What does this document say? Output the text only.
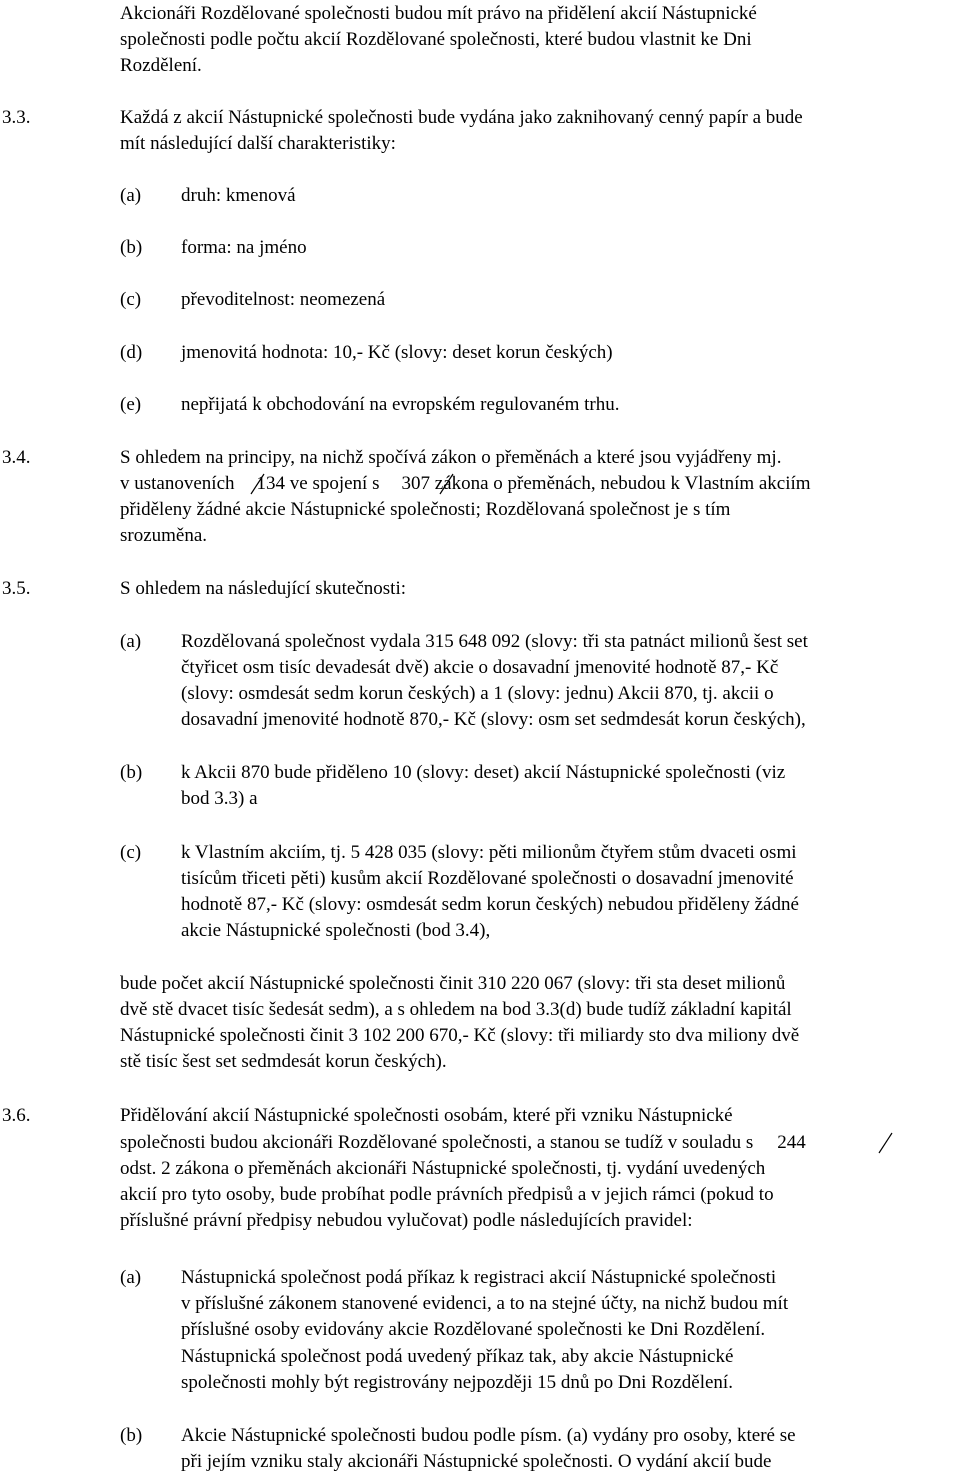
Akcionáři Rozdělované společnosti budou mít právo na přidělení akcií Nástupnické
společnosti podle počtu akcií Rozdělované společnosti, které budou vlastnit ke Dni
Rozdělení.
3.3.	Každá z akcií Nástupnické společnosti bude vydána jako zaknihovaný cenný papír a bude
mít následující další charakteristiky:
(a) druh: kmenová
(b) forma: na jméno
(c) převoditelnost: neomezená
(d) jmenovitá hodnota: 10,- Kč (slovy: deset korun českých)
(e) nepřijatá k obchodování na evropském regulovaném trhu.
3.4.	S ohledem na principy, na nichž spočívá zákon o přeměnách a které jsou vyjádřeny mj.
v ustanoveních 134 ve spojení s 307 zákona o přeměnách, nebudou k Vlastním akciím
přiděleny žádné akcie Nástupnické společnosti; Rozdělovaná společnost je s tím
srozuměna.
3.5.	S ohledem na následující skutečnosti:
(a) Rozdělovaná společnost vydala 315 648 092 (slovy: tři sta patnáct milionů šest set
čtyřicet osm tisíc devadesát dvě) akcie o dosavadní jmenovité hodnotě 87,- Kč
(slovy: osmdesát sedm korun českých) a 1 (slovy: jednu) Akcii 870, tj. akcii o
dosavadní jmenovité hodnotě 870,- Kč (slovy: osm set sedmdesát korun českých),
(b) k Akcii 870 bude přiděleno 10 (slovy: deset) akcií Nástupnické společnosti (viz
bod 3.3) a
(c) k Vlastním akciím, tj. 5 428 035 (slovy: pěti milionům čtyřem stům dvaceti osmi
tisícům třiceti pěti) kusům akcií Rozdělované společnosti o dosavadní jmenovité
hodnotě 87,- Kč (slovy: osmdesát sedm korun českých) nebudou přiděleny žádné
akcie Nástupnické společnosti (bod 3.4),
bude počet akcií Nástupnické společnosti činit 310 220 067 (slovy: tři sta deset milionů
dvě stě dvacet tisíc šedesát sedm), a s ohledem na bod 3.3(d) bude tudíž základní kapitál
Nástupnické společnosti činit 3 102 200 670,- Kč (slovy: tři miliardy sto dva miliony dvě
stě tisíc šest set sedmdesát korun českých).
3.6.	Přidělování akcií Nástupnické společnosti osobám, které při vzniku Nástupnické
společnosti budou akcionáři Rozdělované společnosti, a stanou se tudíž v souladu s 244
odst. 2 zákona o přeměnách akcionáři Nástupnické společnosti, tj. vydání uvedených
akcií pro tyto osoby, bude probíhat podle právních předpisů a v jejich rámci (pokud to
příslušné právní předpisy nebudou vylučovat) podle následujících pravidel:
(a) Nástupnická společnost podá příkaz k registraci akcií Nástupnické společnosti
v příslušné zákonem stanovené evidenci, a to na stejné účty, na nichž budou mít
příslušné osoby evidovány akcie Rozdělované společnosti ke Dni Rozdělení.
Nástupnická společnost podá uvedený příkaz tak, aby akcie Nástupnické
společnosti mohly být registrovány nejpozději 15 dnů po Dni Rozdělení.
(b) Akcie Nástupnické společnosti budou podle písm. (a) vydány pro osoby, které se
při jejím vzniku staly akcionáři Nástupnické společnosti. O vydání akcií bude
